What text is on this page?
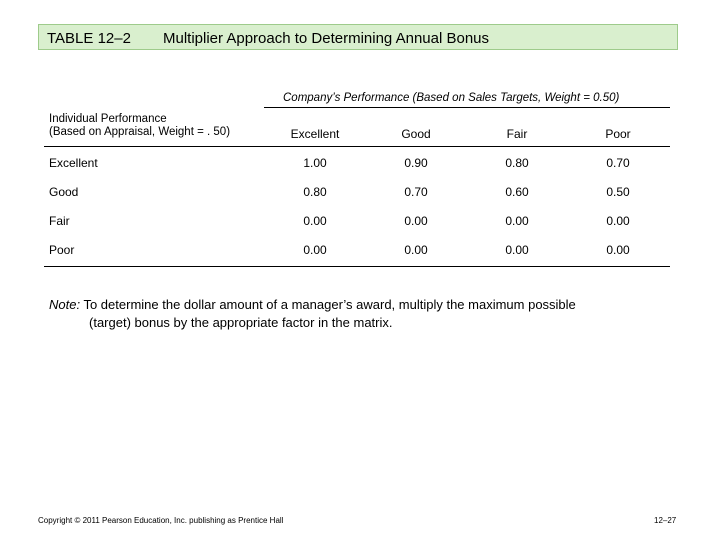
TABLE 12–2 Multiplier Approach to Determining Annual Bonus
Company’s Performance (Based on Sales Targets, Weight = 0.50)
Individual Performance
(Based on Appraisal, Weight = . 50)	Excellent	Good	Fair	Poor
Excellent	1.00	0.90	0.80	0.70
Good	0.80	0.70	0.60	0.50
Fair	0.00	0.00	0.00	0.00
Poor	0.00	0.00	0.00	0.00
Note: To determine the dollar amount of a manager’s award, multiply the maximum possible
(target) bonus by the appropriate factor in the matrix.
Copyright © 2011 Pearson Education, Inc. publishing as Prentice Hall	12–27
